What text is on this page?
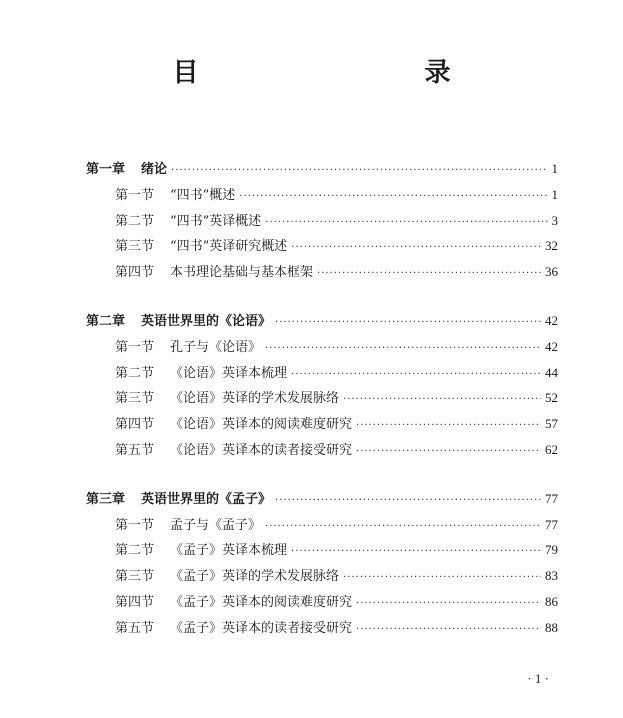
目　　录
第一章	绪论 ·····	1
第一节	“四书”概述 ·····	1
第二节	“四书”英译概述 ·····	3
第三节	“四书”英译研究概述 ·····	32
第四节	本书理论基础与基本框架 ·····	36
第二章	英语世界里的《论语》 ·····	42
第一节	孔子与《论语》 ·····	42
第二节	《论语》英译本梳理 ·····	44
第三节	《论语》英译的学术发展脉络 ·····	52
第四节	《论语》英译本的阅读难度研究 ·····	57
第五节	《论语》英译本的读者接受研究 ·····	62
第三章	英语世界里的《孟子》 ·····	77
第一节	孟子与《孟子》 ·····	77
第二节	《孟子》英译本梳理 ·····	79
第三节	《孟子》英译的学术发展脉络 ·····	83
第四节	《孟子》英译本的阅读难度研究 ·····	86
第五节	《孟子》英译本的读者接受研究 ·····	88
· 1 ·
